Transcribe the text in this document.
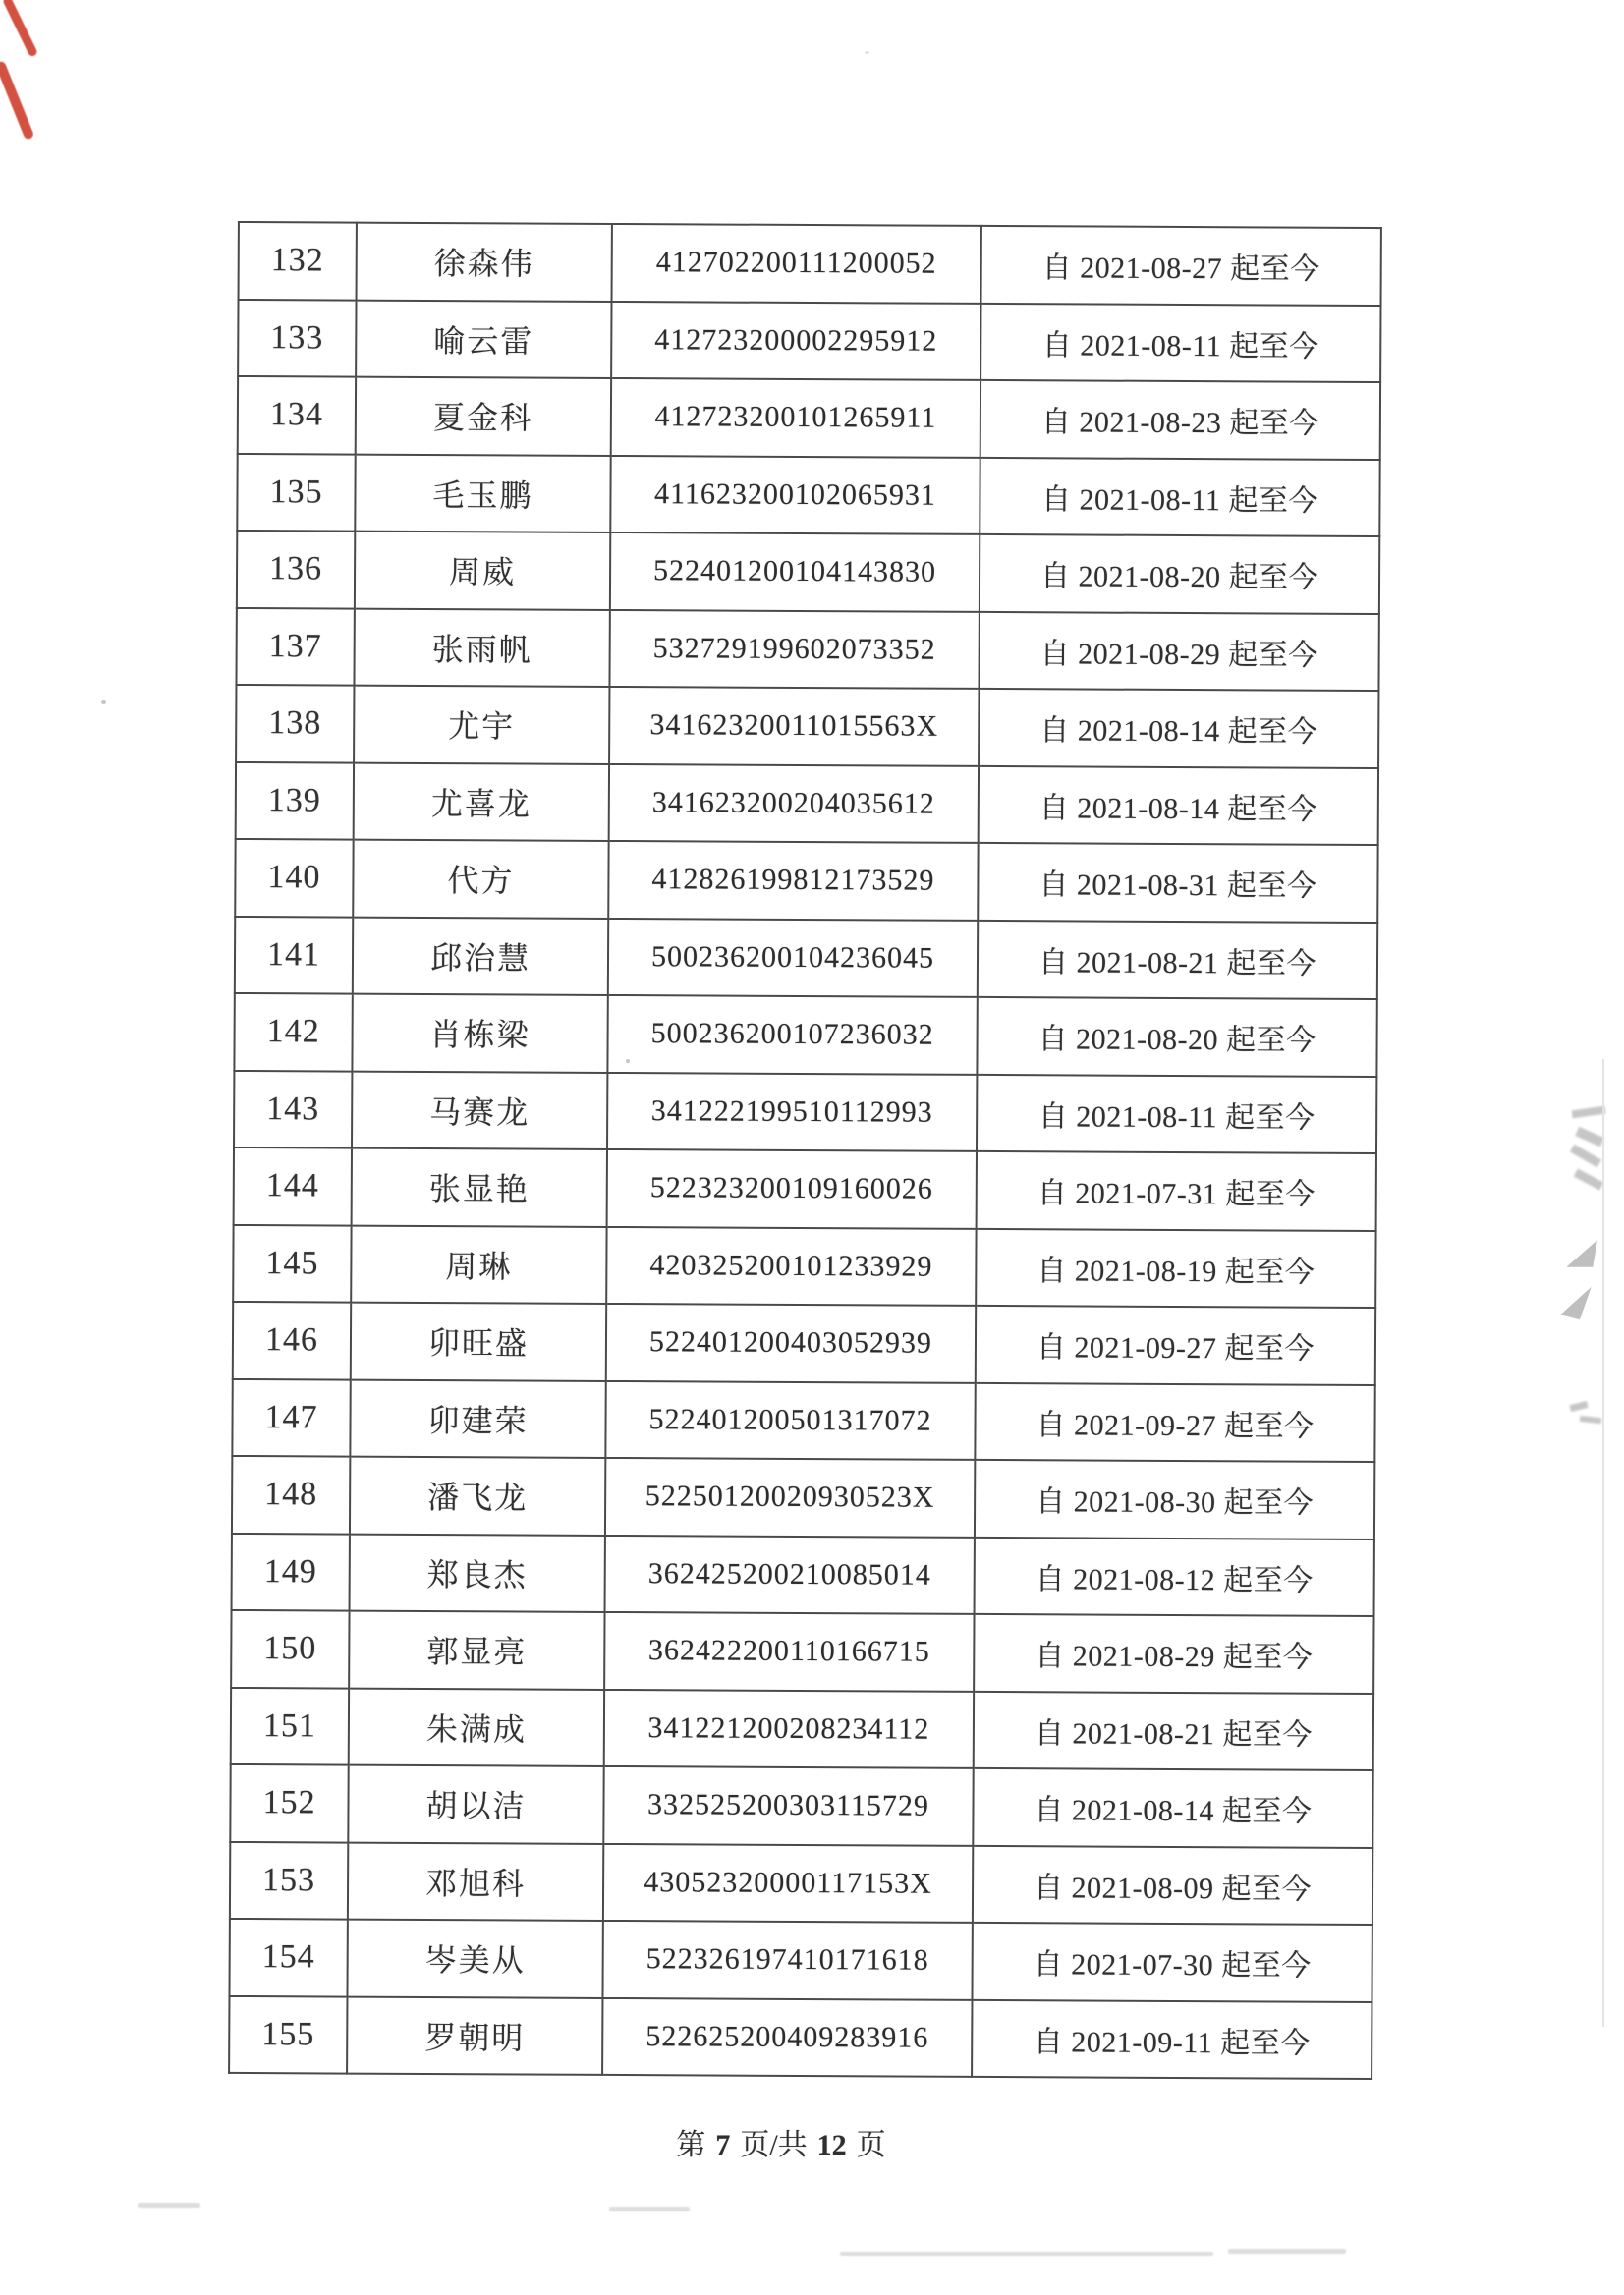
132	徐森伟	412702200111200052	自 2021-08-27 起至今
133	喻云雷	412723200002295912	自 2021-08-11 起至今
134	夏金科	412723200101265911	自 2021-08-23 起至今
135	毛玉鹏	411623200102065931	自 2021-08-11 起至今
136	周威	522401200104143830	自 2021-08-20 起至今
137	张雨帆	532729199602073352	自 2021-08-29 起至今
138	尤宇	34162320011015563X	自 2021-08-14 起至今
139	尤喜龙	341623200204035612	自 2021-08-14 起至今
140	代方	412826199812173529	自 2021-08-31 起至今
141	邱治慧	500236200104236045	自 2021-08-21 起至今
142	肖栋梁	500236200107236032	自 2021-08-20 起至今
143	马赛龙	341222199510112993	自 2021-08-11 起至今
144	张显艳	522323200109160026	自 2021-07-31 起至今
145	周琳	420325200101233929	自 2021-08-19 起至今
146	卯旺盛	522401200403052939	自 2021-09-27 起至今
147	卯建荣	522401200501317072	自 2021-09-27 起至今
148	潘飞龙	52250120020930523X	自 2021-08-30 起至今
149	郑良杰	362425200210085014	自 2021-08-12 起至今
150	郭显亮	362422200110166715	自 2021-08-29 起至今
151	朱满成	341221200208234112	自 2021-08-21 起至今
152	胡以洁	332525200303115729	自 2021-08-14 起至今
153	邓旭科	43052320000117153X	自 2021-08-09 起至今
154	岑美从	522326197410171618	自 2021-07-30 起至今
155	罗朝明	522625200409283916	自 2021-09-11 起至今
第 7 页/共 12 页
